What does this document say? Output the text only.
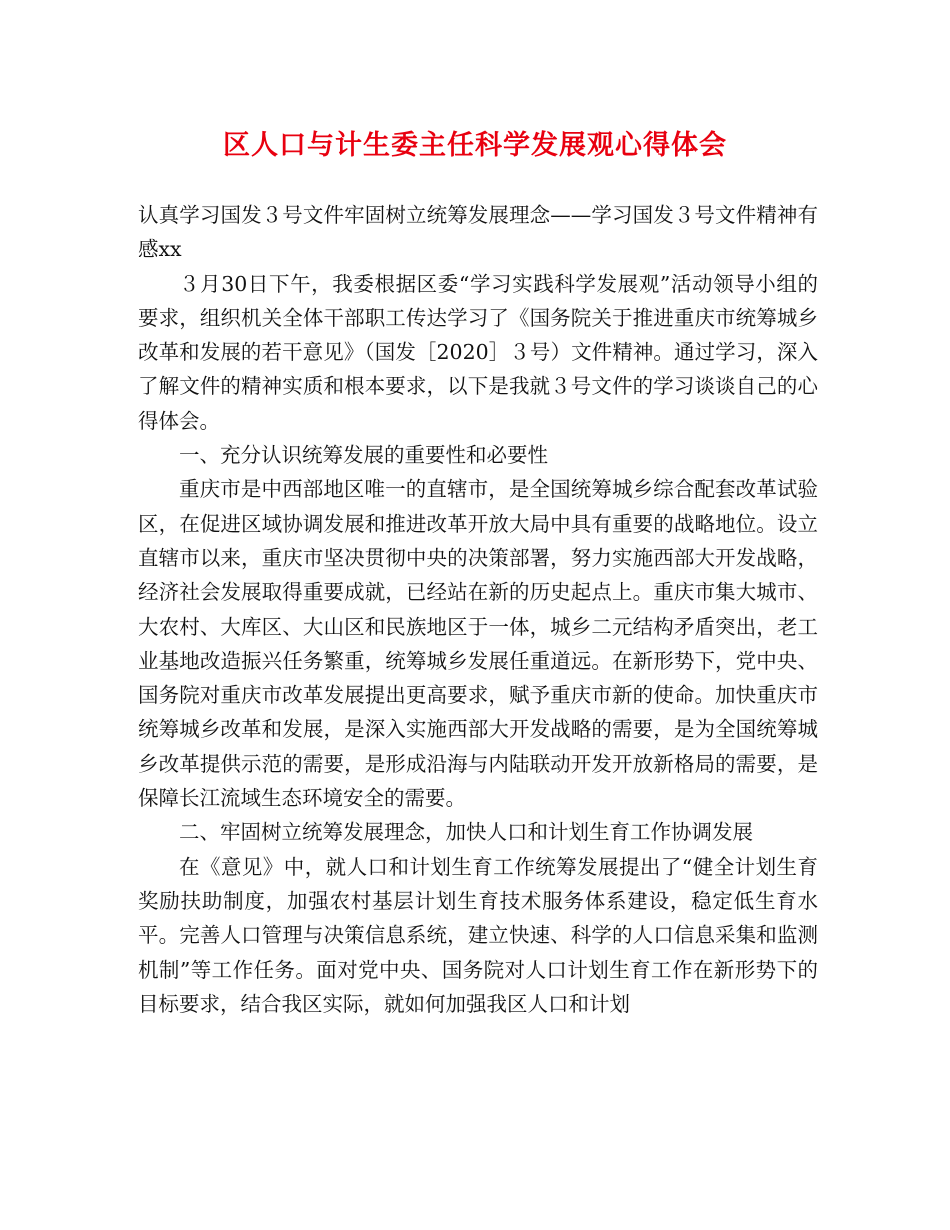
区人口与计生委主任科学发展观心得体会

认真学习国发３号文件牢固树立统筹发展理念——学习国发３号文件精神有感xx

３月30日下午，我委根据区委“学习实践科学发展观”活动领导小组的要求，组织机关全体干部职工传达学习了《国务院关于推进重庆市统筹城乡改革和发展的若干意见》（国发［2020］３号）文件精神。通过学习，深入了解文件的精神实质和根本要求，以下是我就３号文件的学习谈谈自己的心得体会。

一、充分认识统筹发展的重要性和必要性

重庆市是中西部地区唯一的直辖市，是全国统筹城乡综合配套改革试验区，在促进区域协调发展和推进改革开放大局中具有重要的战略地位。设立直辖市以来，重庆市坚决贯彻中央的决策部署，努力实施西部大开发战略，经济社会发展取得重要成就，已经站在新的历史起点上。重庆市集大城市、大农村、大库区、大山区和民族地区于一体，城乡二元结构矛盾突出，老工业基地改造振兴任务繁重，统筹城乡发展任重道远。在新形势下，党中央、国务院对重庆市改革发展提出更高要求，赋予重庆市新的使命。加快重庆市统筹城乡改革和发展，是深入实施西部大开发战略的需要，是为全国统筹城乡改革提供示范的需要，是形成沿海与内陆联动开发开放新格局的需要，是保障长江流域生态环境安全的需要。

二、牢固树立统筹发展理念，加快人口和计划生育工作协调发展

在《意见》中，就人口和计划生育工作统筹发展提出了“健全计划生育奖励扶助制度，加强农村基层计划生育技术服务体系建设，稳定低生育水平。完善人口管理与决策信息系统，建立快速、科学的人口信息采集和监测机制”等工作任务。面对党中央、国务院对人口计划生育工作在新形势下的目标要求，结合我区实际，就如何加强我区人口和计划
